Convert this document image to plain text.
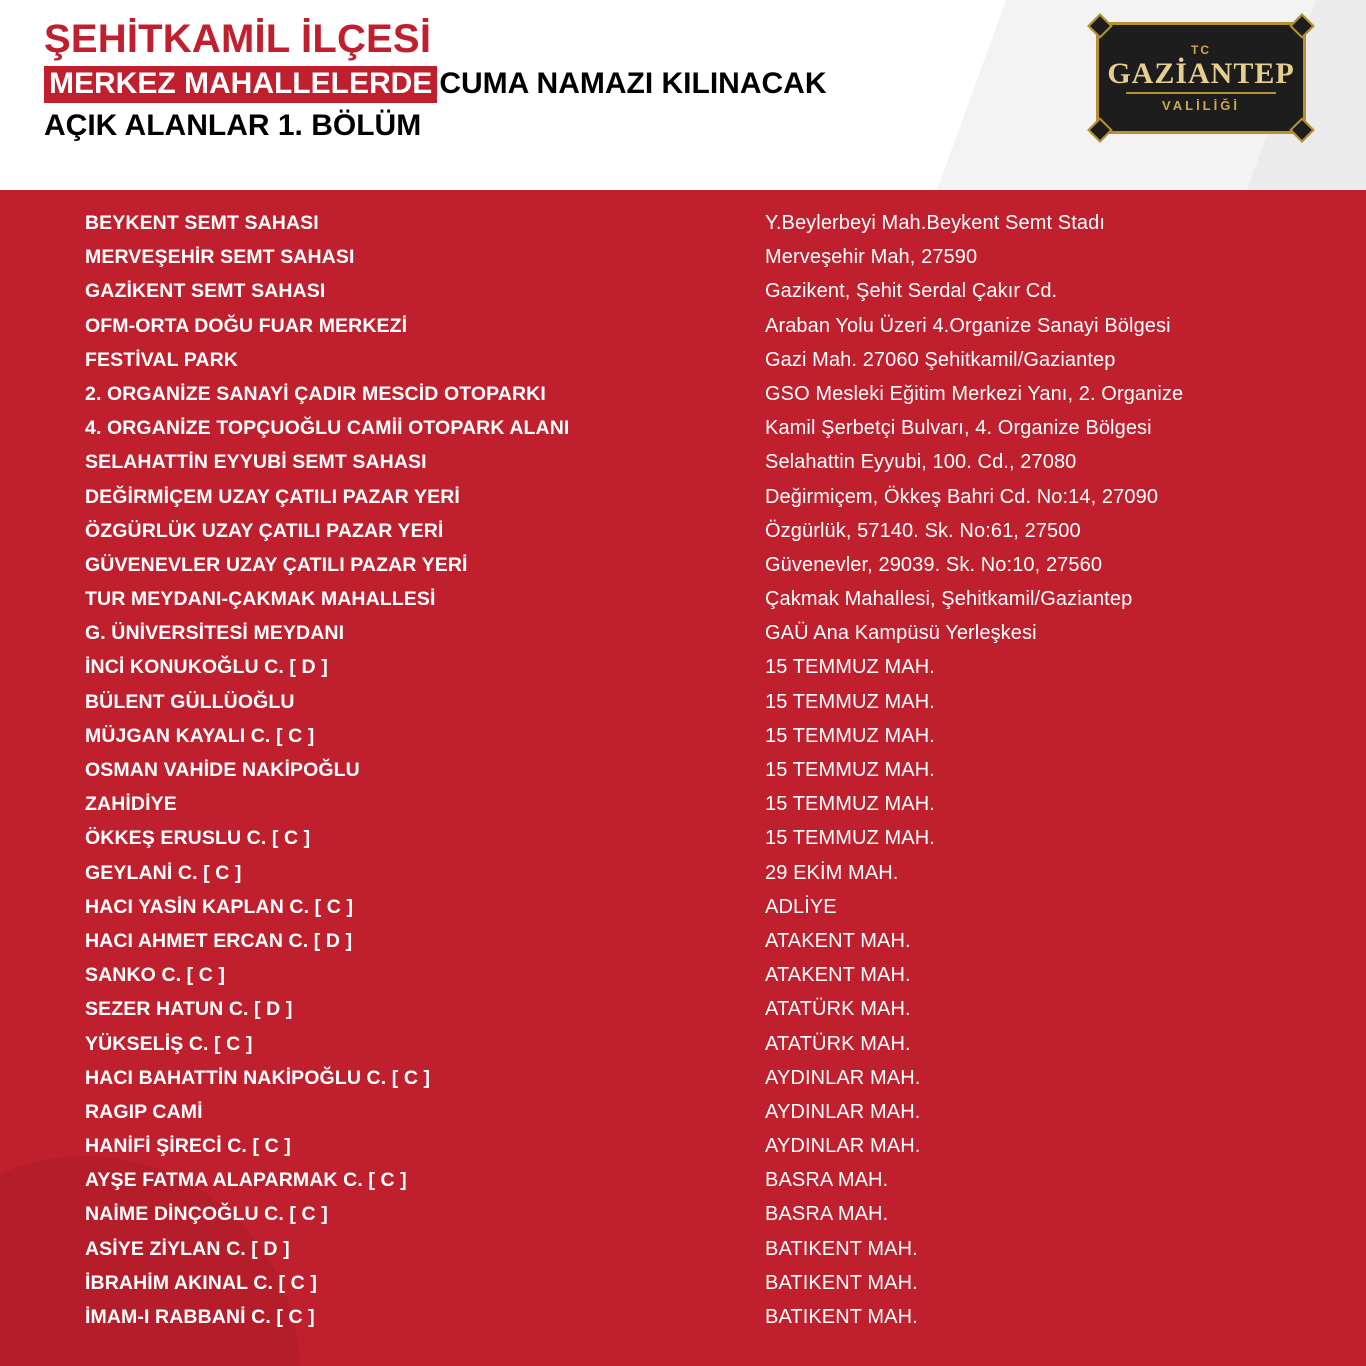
ŞEHİTKAMİL İLÇESİ
MERKEZ MAHALLELERDE CUMA NAMAZI KILINACAK
AÇIK ALANLAR 1. BÖLÜM
TC
GAZİANTEP
VALİLİĞİ
BEYKENT SEMT SAHASI	Y.Beylerbeyi Mah.Beykent Semt Stadı
MERVEŞEHİR SEMT SAHASI	Merveşehir Mah, 27590
GAZİKENT SEMT SAHASI	Gazikent, Şehit Serdal Çakır Cd.
OFM-ORTA DOĞU FUAR MERKEZİ	Araban Yolu Üzeri 4.Organize Sanayi Bölgesi
FESTİVAL PARK	Gazi Mah. 27060 Şehitkamil/Gaziantep
2. ORGANİZE SANAYİ ÇADIR MESCİD OTOPARKI	GSO Mesleki Eğitim Merkezi Yanı, 2. Organize
4. ORGANİZE TOPÇUOĞLU CAMİİ OTOPARK ALANI	Kamil Şerbetçi Bulvarı, 4. Organize Bölgesi
SELAHATTİN EYYUBİ SEMT SAHASI	Selahattin Eyyubi, 100. Cd., 27080
DEĞİRMİÇEM UZAY ÇATILI PAZAR YERİ	Değirmiçem, Ökkeş Bahri Cd. No:14, 27090
ÖZGÜRLÜK UZAY ÇATILI PAZAR YERİ	Özgürlük, 57140. Sk. No:61, 27500
GÜVENEVLER UZAY ÇATILI PAZAR YERİ	Güvenevler, 29039. Sk. No:10, 27560
TUR MEYDANI-ÇAKMAK MAHALLESİ	Çakmak Mahallesi, Şehitkamil/Gaziantep
G. ÜNİVERSİTESİ MEYDANI	GAÜ Ana Kampüsü Yerleşkesi
İNCİ KONUKOĞLU C. [ D ]	15 TEMMUZ MAH.
BÜLENT GÜLLÜOĞLU	15 TEMMUZ MAH.
MÜJGAN KAYALI C. [ C ]	15 TEMMUZ MAH.
OSMAN VAHİDE NAKİPOĞLU	15 TEMMUZ MAH.
ZAHİDİYE	15 TEMMUZ MAH.
ÖKKEŞ ERUSLU C. [ C ]	15 TEMMUZ MAH.
GEYLANİ C. [ C ]	29 EKİM MAH.
HACI YASİN KAPLAN C. [ C ]	ADLİYE
HACI AHMET ERCAN C. [ D ]	ATAKENT MAH.
SANKO C. [ C ]	ATAKENT MAH.
SEZER HATUN C. [ D ]	ATATÜRK MAH.
YÜKSELİŞ C. [ C ]	ATATÜRK MAH.
HACI BAHATTİN NAKİPOĞLU C. [ C ]	AYDINLAR MAH.
RAGIP CAMİ	AYDINLAR MAH.
HANİFİ ŞİRECİ C. [ C ]	AYDINLAR MAH.
AYŞE FATMA ALAPARMAK C. [ C ]	BASRA MAH.
NAİME DİNÇOĞLU C. [ C ]	BASRA MAH.
ASİYE ZİYLAN C. [ D ]	BATIKENT MAH.
İBRAHİM AKINAL C. [ C ]	BATIKENT MAH.
İMAM-I RABBANİ C. [ C ]	BATIKENT MAH.
